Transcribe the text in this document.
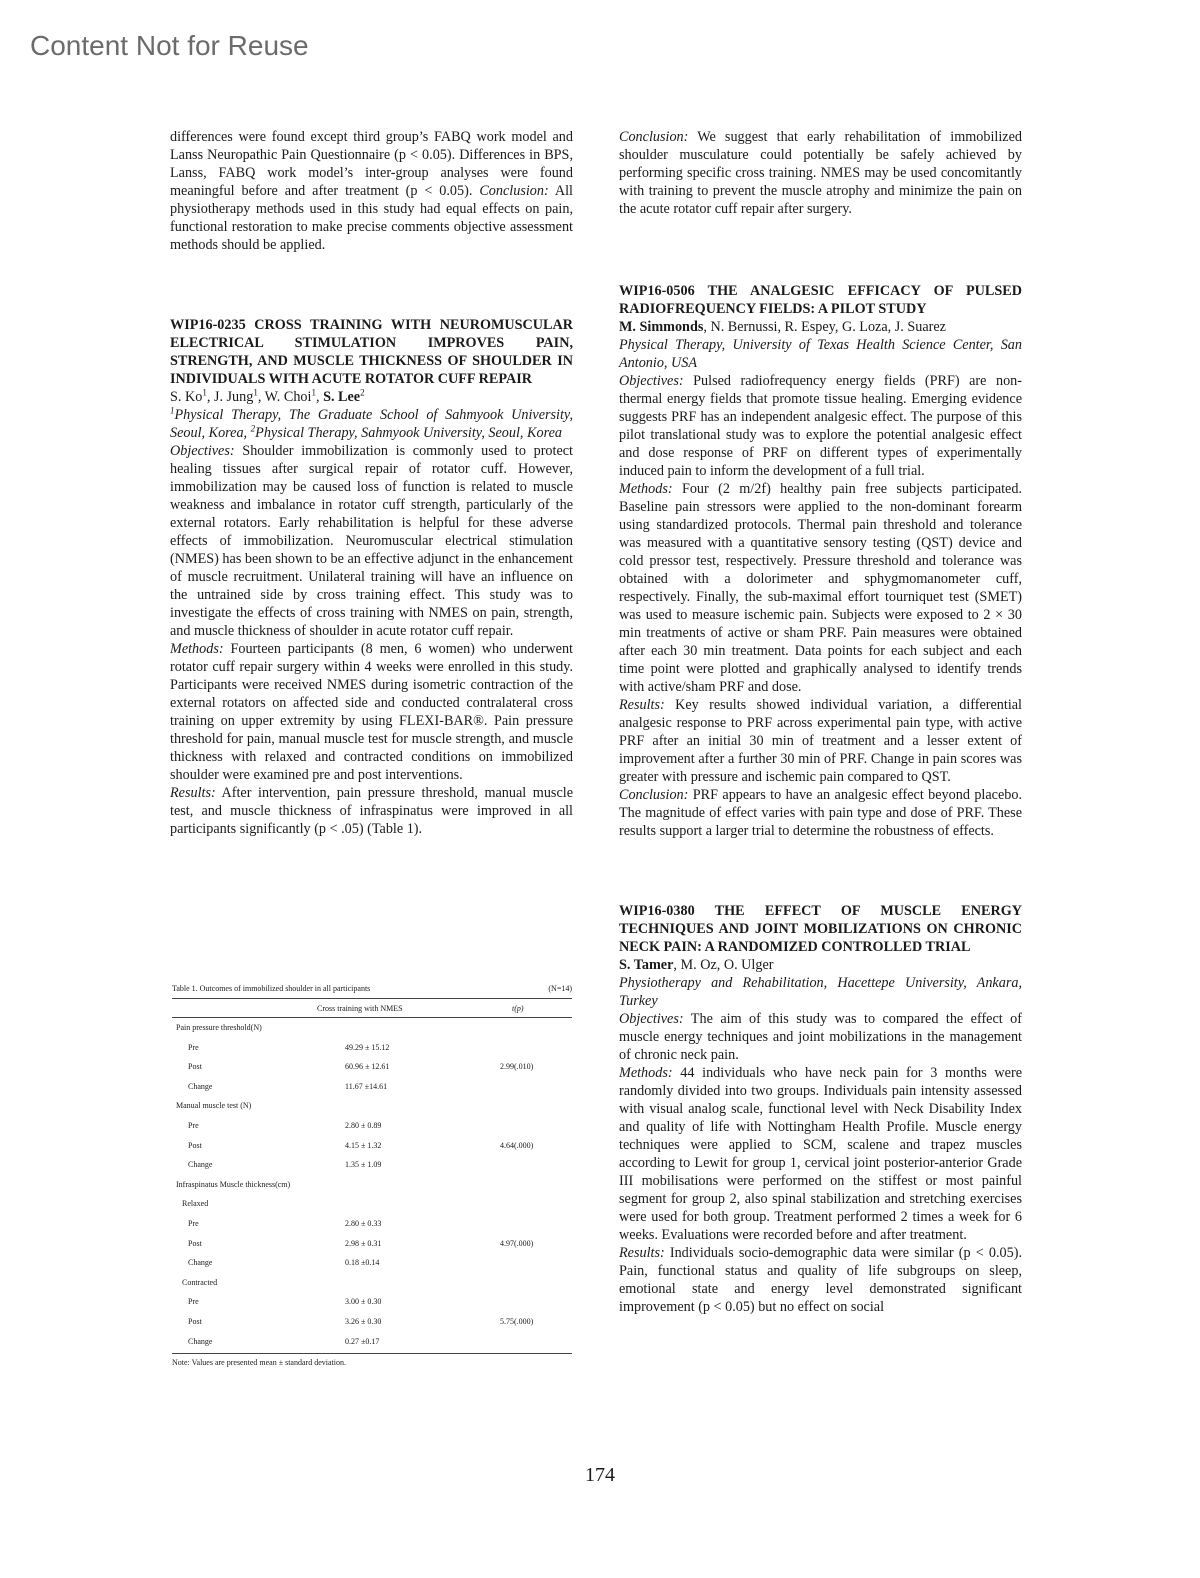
Content Not for Reuse

differences were found except third group’s FABQ work model and Lanss Neuropathic Pain Questionnaire (p < 0.05). Differences in BPS, Lanss, FABQ work model’s inter-group analyses were found meaningful before and after treatment (p < 0.05). Conclusion: All physiotherapy methods used in this study had equal effects on pain, functional restoration to make precise comments objective assessment methods should be applied.

WIP16-0235 CROSS TRAINING WITH NEUROMUSCULAR ELECTRICAL STIMULATION IMPROVES PAIN, STRENGTH, AND MUSCLE THICKNESS OF SHOULDER IN INDIVIDUALS WITH ACUTE ROTATOR CUFF REPAIR

S. Ko$^1$, J. Jung$^1$, W. Choi$^1$, S. Lee$^2$

$^1$Physical Therapy, The Graduate School of Sahmyook University, Seoul, Korea, $^2$Physical Therapy, Sahmyook University, Seoul, Korea

Objectives: Shoulder immobilization is commonly used to protect healing tissues after surgical repair of rotator cuff. However, immobilization may be caused loss of function is related to muscle weakness and imbalance in rotator cuff strength, particularly of the external rotators. Early rehabilitation is helpful for these adverse effects of immobilization. Neuromuscular electrical stimulation (NMES) has been shown to be an effective adjunct in the enhancement of muscle recruitment. Unilateral training will have an influence on the untrained side by cross training effect. This study was to investigate the effects of cross training with NMES on pain, strength, and muscle thickness of shoulder in acute rotator cuff repair.

Methods: Fourteen participants (8 men, 6 women) who underwent rotator cuff repair surgery within 4 weeks were enrolled in this study. Participants were received NMES during isometric contraction of the external rotators on affected side and conducted contralateral cross training on upper extremity by using FLEXI-BAR®. Pain pressure threshold for pain, manual muscle test for muscle strength, and muscle thickness with relaxed and contracted conditions on immobilized shoulder were examined pre and post interventions.

Results: After intervention, pain pressure threshold, manual muscle test, and muscle thickness of infraspinatus were improved in all participants significantly (p < .05) (Table 1).

Table 1. Outcomes of immobilized shoulder in all participants	(N=14)
Cross training with NMES	t(p)
Pain pressure threshold(N)
Pre	49.29 ± 15.12
Post	60.96 ± 12.61	2.99(.010)
Change	11.67 ±14.61
Manual muscle test (N)
Pre	2.80 ± 0.89
Post	4.15 ± 1.32	4.64(.000)
Change	1.35 ± 1.09
Infraspinatus Muscle thickness(cm)
Relaxed
Pre	2.80 ± 0.33
Post	2.98 ± 0.31	4.97(.000)
Change	0.18 ±0.14
Contracted
Pre	3.00 ± 0.30
Post	3.26 ± 0.30	5.75(.000)
Change	0.27 ±0.17
Note: Values are presented mean ± standard deviation.

Conclusion: We suggest that early rehabilitation of immobilized shoulder musculature could potentially be safely achieved by performing specific cross training. NMES may be used concomitantly with training to prevent the muscle atrophy and minimize the pain on the acute rotator cuff repair after surgery.

WIP16-0506 THE ANALGESIC EFFICACY OF PULSED RADIOFREQUENCY FIELDS: A PILOT STUDY

M. Simmonds, N. Bernussi, R. Espey, G. Loza, J. Suarez

Physical Therapy, University of Texas Health Science Center, San Antonio, USA

Objectives: Pulsed radiofrequency energy fields (PRF) are non-thermal energy fields that promote tissue healing. Emerging evidence suggests PRF has an independent analgesic effect. The purpose of this pilot translational study was to explore the potential analgesic effect and dose response of PRF on different types of experimentally induced pain to inform the development of a full trial.

Methods: Four (2 m/2f) healthy pain free subjects participated. Baseline pain stressors were applied to the non-dominant forearm using standardized protocols. Thermal pain threshold and tolerance was measured with a quantitative sensory testing (QST) device and cold pressor test, respectively. Pressure threshold and tolerance was obtained with a dolorimeter and sphygmomanometer cuff, respectively. Finally, the sub-maximal effort tourniquet test (SMET) was used to measure ischemic pain. Subjects were exposed to 2 × 30 min treatments of active or sham PRF. Pain measures were obtained after each 30 min treatment. Data points for each subject and each time point were plotted and graphically analysed to identify trends with active/sham PRF and dose.

Results: Key results showed individual variation, a differential analgesic response to PRF across experimental pain type, with active PRF after an initial 30 min of treatment and a lesser extent of improvement after a further 30 min of PRF. Change in pain scores was greater with pressure and ischemic pain compared to QST.

Conclusion: PRF appears to have an analgesic effect beyond placebo. The magnitude of effect varies with pain type and dose of PRF. These results support a larger trial to determine the robustness of effects.

WIP16-0380 THE EFFECT OF MUSCLE ENERGY TECHNIQUES AND JOINT MOBILIZATIONS ON CHRONIC NECK PAIN: A RANDOMIZED CONTROLLED TRIAL

S. Tamer, M. Oz, O. Ulger

Physiotherapy and Rehabilitation, Hacettepe University, Ankara, Turkey

Objectives: The aim of this study was to compared the effect of muscle energy techniques and joint mobilizations in the management of chronic neck pain.

Methods: 44 individuals who have neck pain for 3 months were randomly divided into two groups. Individuals pain intensity assessed with visual analog scale, functional level with Neck Disability Index and quality of life with Nottingham Health Profile. Muscle energy techniques were applied to SCM, scalene and trapez muscles according to Lewit for group 1, cervical joint posterior-anterior Grade III mobilisations were performed on the stiffest or most painful segment for group 2, also spinal stabilization and stretching exercises were used for both group. Treatment performed 2 times a week for 6 weeks. Evaluations were recorded before and after treatment.

Results: Individuals socio-demographic data were similar (p < 0.05). Pain, functional status and quality of life subgroups on sleep, emotional state and energy level demonstrated significant improvement (p < 0.05) but no effect on social

174
